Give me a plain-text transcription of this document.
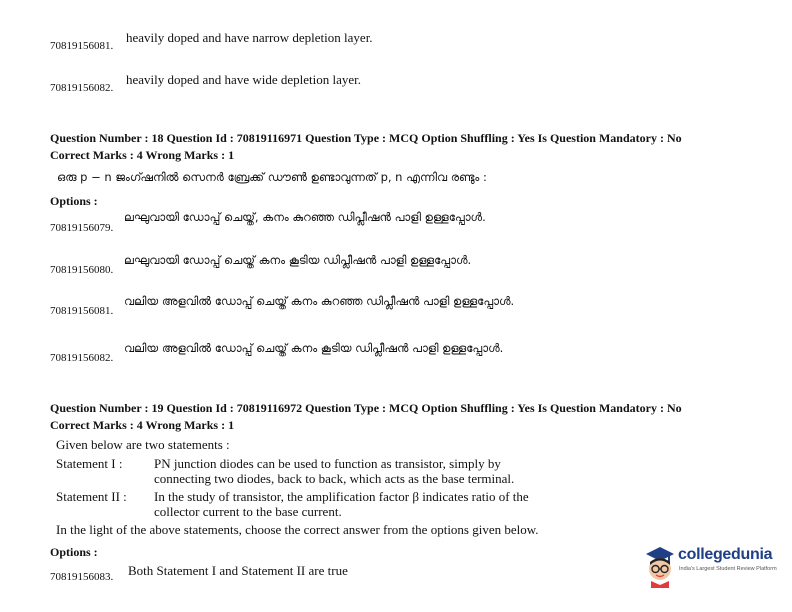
70819156081.
heavily doped and have narrow depletion layer.
70819156082.
heavily doped and have wide depletion layer.
Question Number : 18 Question Id : 70819116971 Question Type : MCQ Option Shuffling : Yes Is Question Mandatory : No
Correct Marks : 4 Wrong Marks : 1
ഒരു p − n ജംഗ്ഷനിൽ സെനർ ബ്രേക്ക് ഡൗൺ ഉണ്ടാവുന്നത് p, n എന്നിവ രണ്ടും :
Options :
70819156079.
ലഘുവായി ഡോപ്പ് ചെയ്ത്, കനം കുറഞ്ഞ ഡിപ്ലീഷൻ പാളി ഉള്ളപ്പോൾ.
70819156080.
ലഘുവായി ഡോപ്പ് ചെയ്ത് കനം കൂടിയ ഡിപ്ലീഷൻ പാളി ഉള്ളപ്പോൾ.
70819156081.
വലിയ അളവിൽ ഡോപ്പ് ചെയ്ത് കനം കുറഞ്ഞ ഡിപ്ലീഷൻ പാളി ഉള്ളപ്പോൾ.
70819156082.
വലിയ അളവിൽ ഡോപ്പ് ചെയ്ത് കനം കൂടിയ ഡിപ്ലീഷൻ പാളി ഉള്ളപ്പോൾ.
Question Number : 19 Question Id : 70819116972 Question Type : MCQ Option Shuffling : Yes Is Question Mandatory : No
Correct Marks : 4 Wrong Marks : 1
Given below are two statements :
Statement I : PN junction diodes can be used to function as transistor, simply by
connecting two diodes, back to back, which acts as the base terminal.
Statement II : In the study of transistor, the amplification factor β indicates ratio of the
collector current to the base current.
In the light of the above statements, choose the correct answer from the options given below.
Options :
70819156083. Both Statement I and Statement II are true
collegedunia
India's Largest Student Review Platform
